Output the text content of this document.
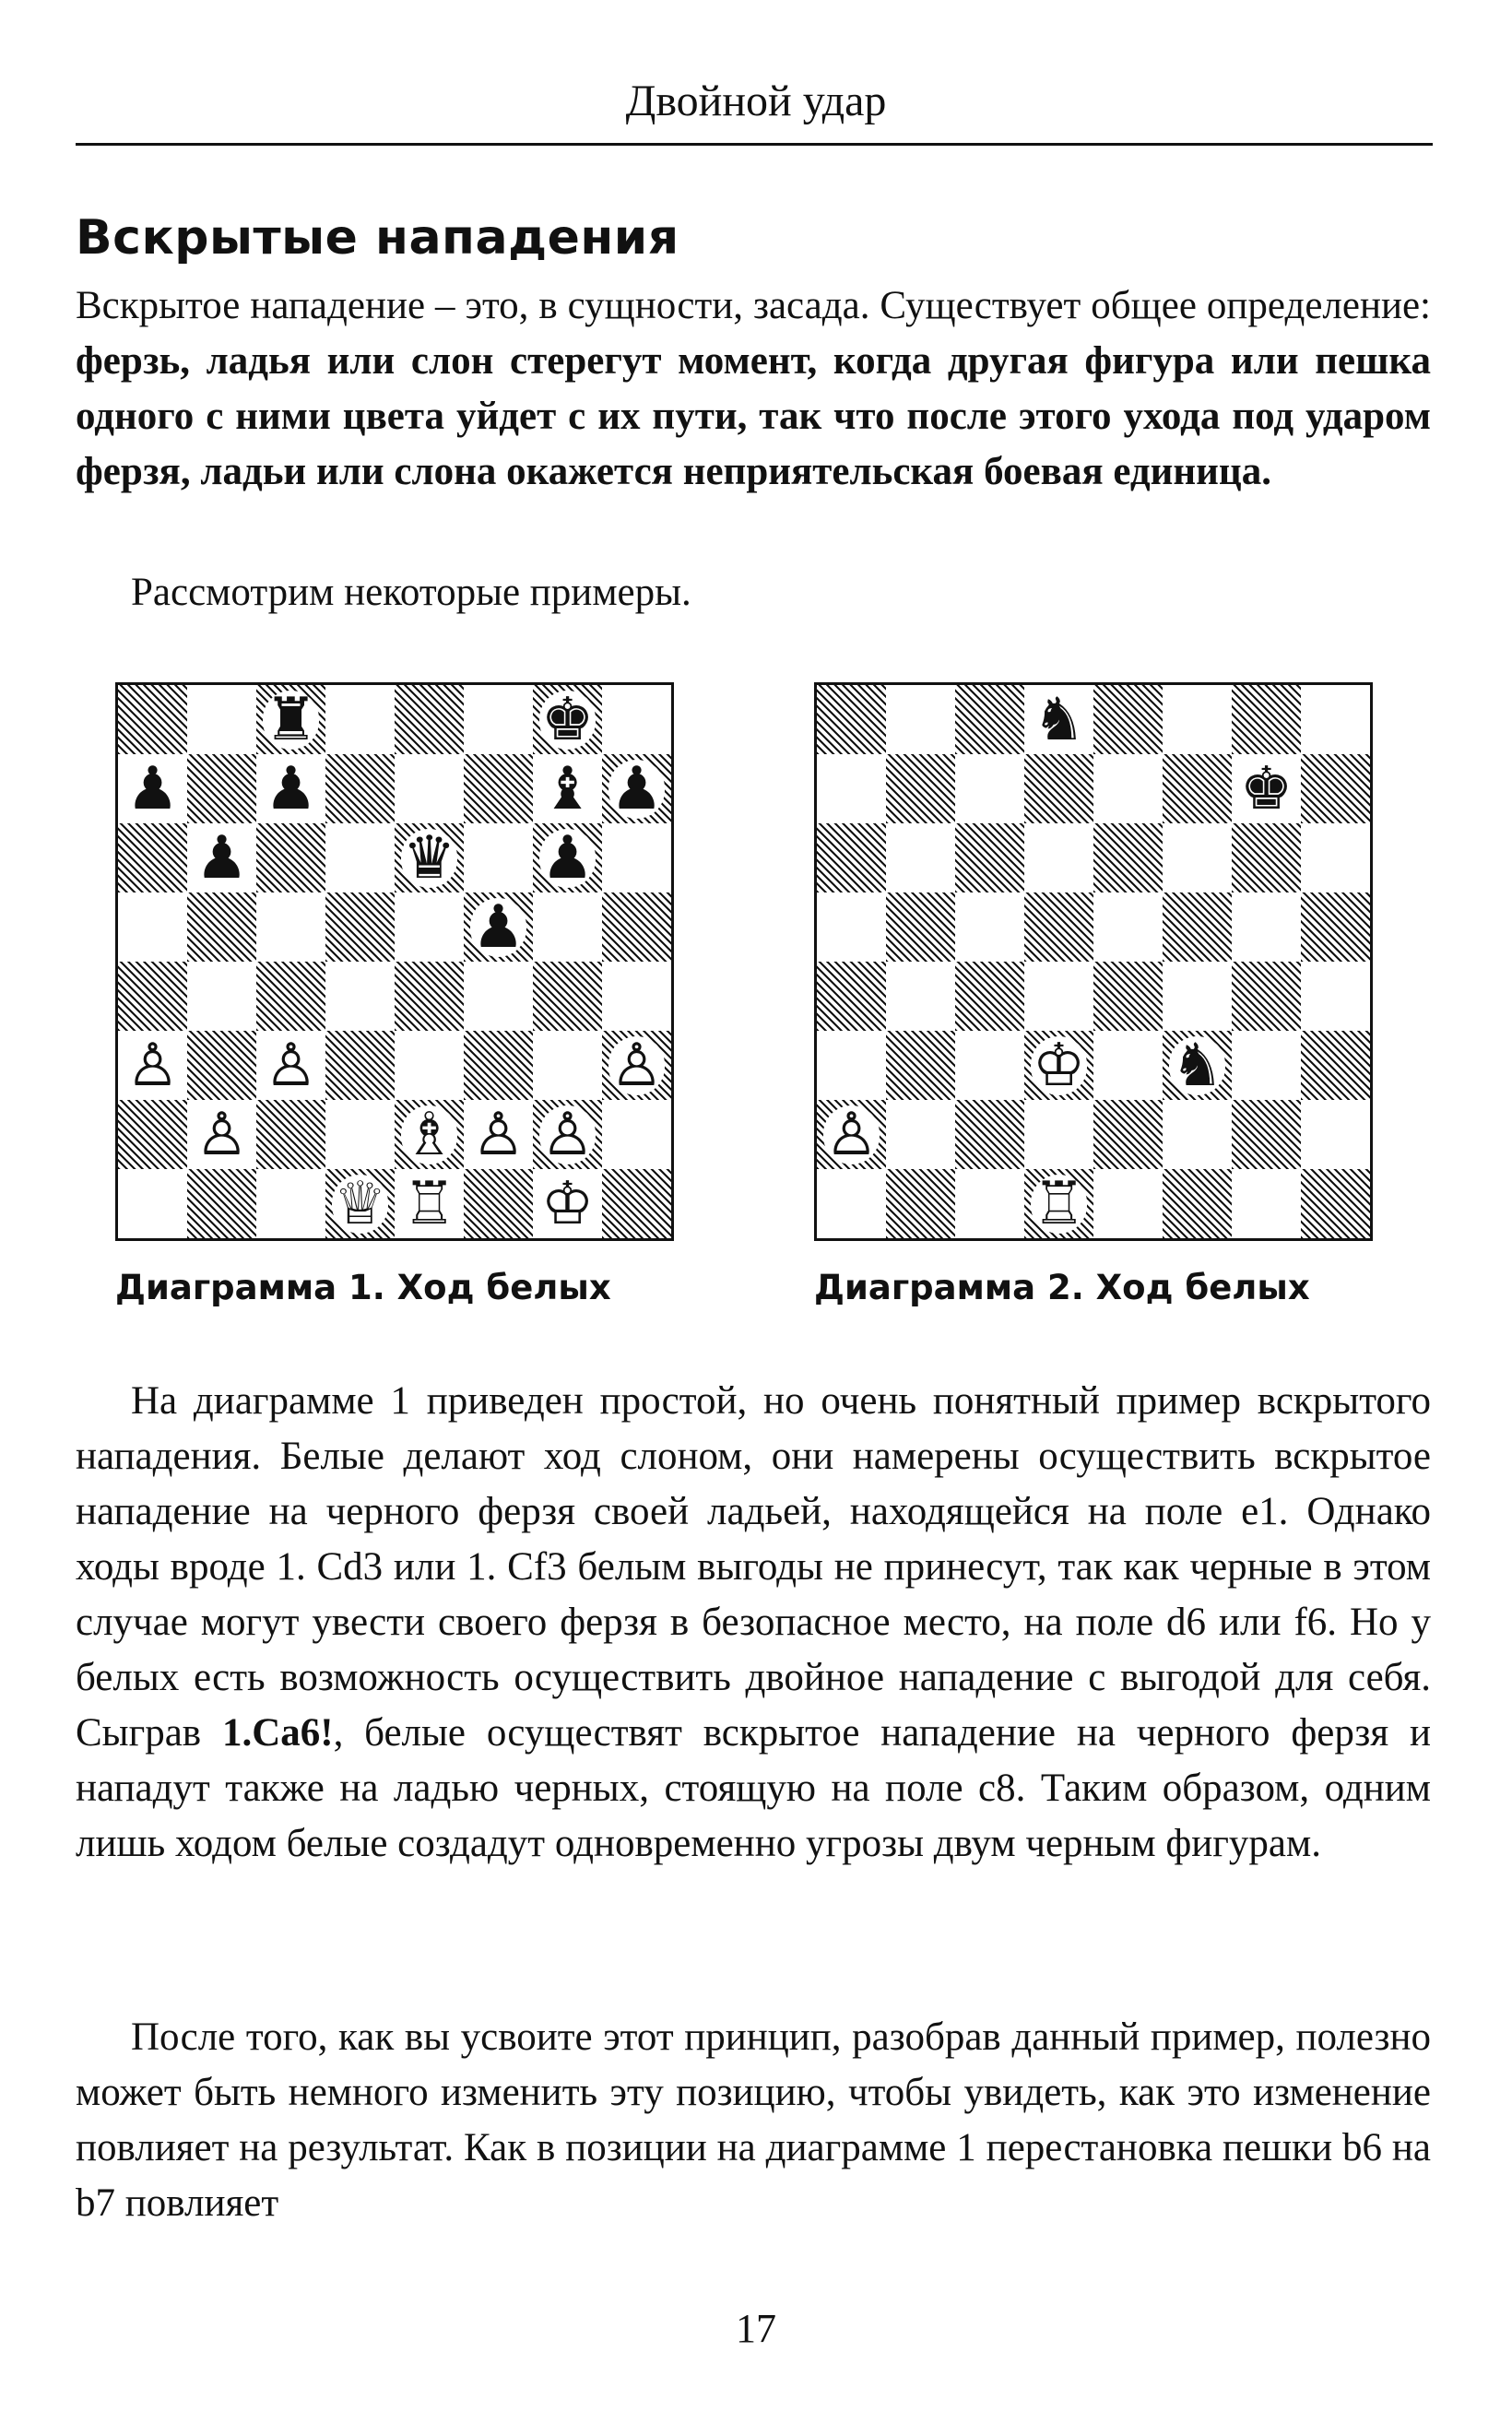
Двойной удар
Вскрытые нападения

Вскрытое нападение – это, в сущности, засада. Существует общее определение: ферзь, ладья или слон стерегут момент, когда другая фигура или пешка одного с ними цвета уйдет с их пути, так что после этого ухода под ударом ферзя, ладьи или слона окажется неприятельская боевая единица.

Рассмотрим некоторые примеры.

♜	♚
♟ ♟	♝ ♟
♟	♛ ♟
♟
♙ ♙	♙
♙	♗ ♙ ♙
♕ ♖ ♔
♞
♚
♔ ♞
♙
♖
Диаграмма 1. Ход белых	Диаграмма 2. Ход белых

На диаграмме 1 приведен простой, но очень понятный пример вскрытого нападения. Белые делают ход слоном, они намерены осуществить вскрытое нападение на черного ферзя своей ладьей, находящейся на поле e1. Однако ходы вроде 1. Cd3 или 1. Cf3 белым выгоды не принесут, так как черные в этом случае могут увести своего ферзя в безопасное место, на поле d6 или f6. Но у белых есть возможность осуществить двойное нападение с выгодой для себя. Сыграв 1.Ca6!, белые осуществят вскрытое нападение на черного ферзя и нападут также на ладью черных, стоящую на поле c8. Таким образом, одним лишь ходом белые создадут одновременно угрозы двум черным фигурам.

После того, как вы усвоите этот принцип, разобрав данный пример, полезно может быть немного изменить эту позицию, чтобы увидеть, как это изменение повлияет на результат. Как в позиции на диаграмме 1 перестановка пешки b6 на b7 повлияет

17
